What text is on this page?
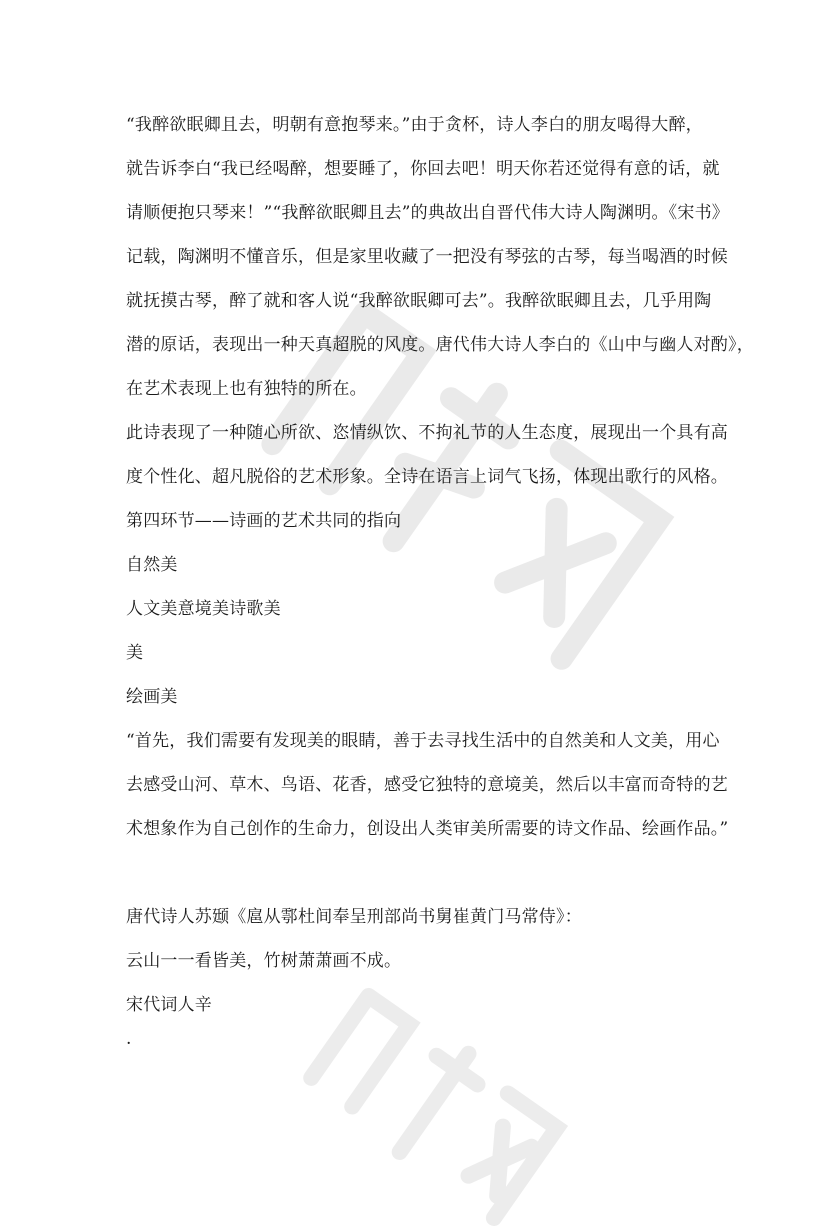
“我醉欲眠卿且去，明朝有意抱琴来。”由于贪杯，诗人李白的朋友喝得大醉，
就告诉李白“我已经喝醉，想要睡了，你回去吧！明天你若还觉得有意的话，就
请顺便抱只琴来！”“我醉欲眠卿且去”的典故出自晋代伟大诗人陶渊明。《宋书》
记载，陶渊明不懂音乐，但是家里收藏了一把没有琴弦的古琴，每当喝酒的时候
就抚摸古琴，醉了就和客人说“我醉欲眠卿可去”。我醉欲眠卿且去，几乎用陶
潜的原话，表现出一种天真超脱的风度。唐代伟大诗人李白的《山中与幽人对酌》，
在艺术表现上也有独特的所在。
此诗表现了一种随心所欲、恣情纵饮、不拘礼节的人生态度，展现出一个具有高
度个性化、超凡脱俗的艺术形象。全诗在语言上词气飞扬，体现出歌行的风格。
第四环节——诗画的艺术共同的指向
自然美
人文美意境美诗歌美
美
绘画美
“首先，我们需要有发现美的眼睛，善于去寻找生活中的自然美和人文美，用心
去感受山河、草木、鸟语、花香，感受它独特的意境美，然后以丰富而奇特的艺
术想象作为自己创作的生命力，创设出人类审美所需要的诗文作品、绘画作品。”
唐代诗人苏颋《扈从鄠杜间奉呈刑部尚书舅崔黄门马常侍》：
云山一一看皆美，竹树萧萧画不成。
宋代词人辛
.
